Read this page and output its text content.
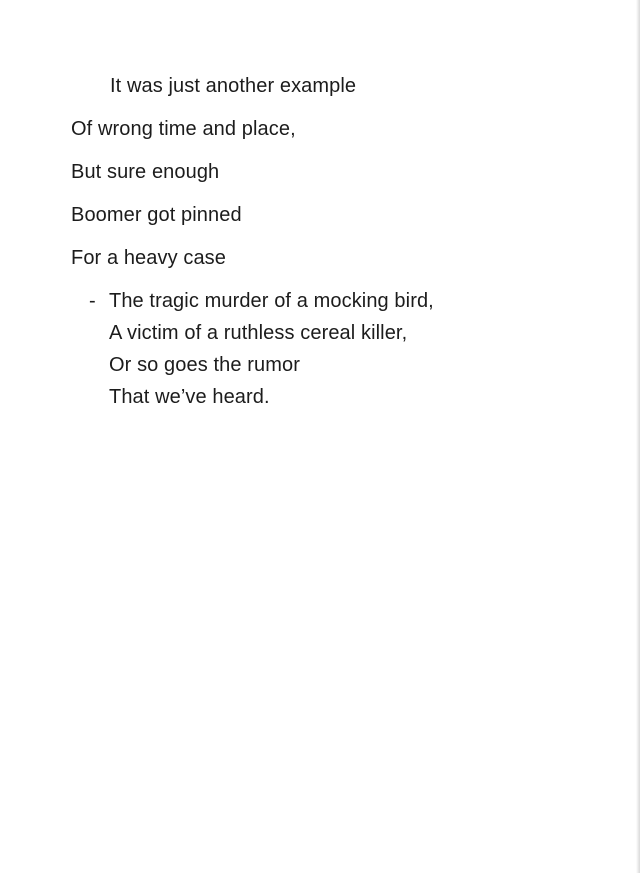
It was just another example
Of wrong time and place,
But sure enough
Boomer got pinned
For a heavy case
- The tragic murder of a mocking bird,
A victim of a ruthless cereal killer,
Or so goes the rumor
That we’ve heard.
